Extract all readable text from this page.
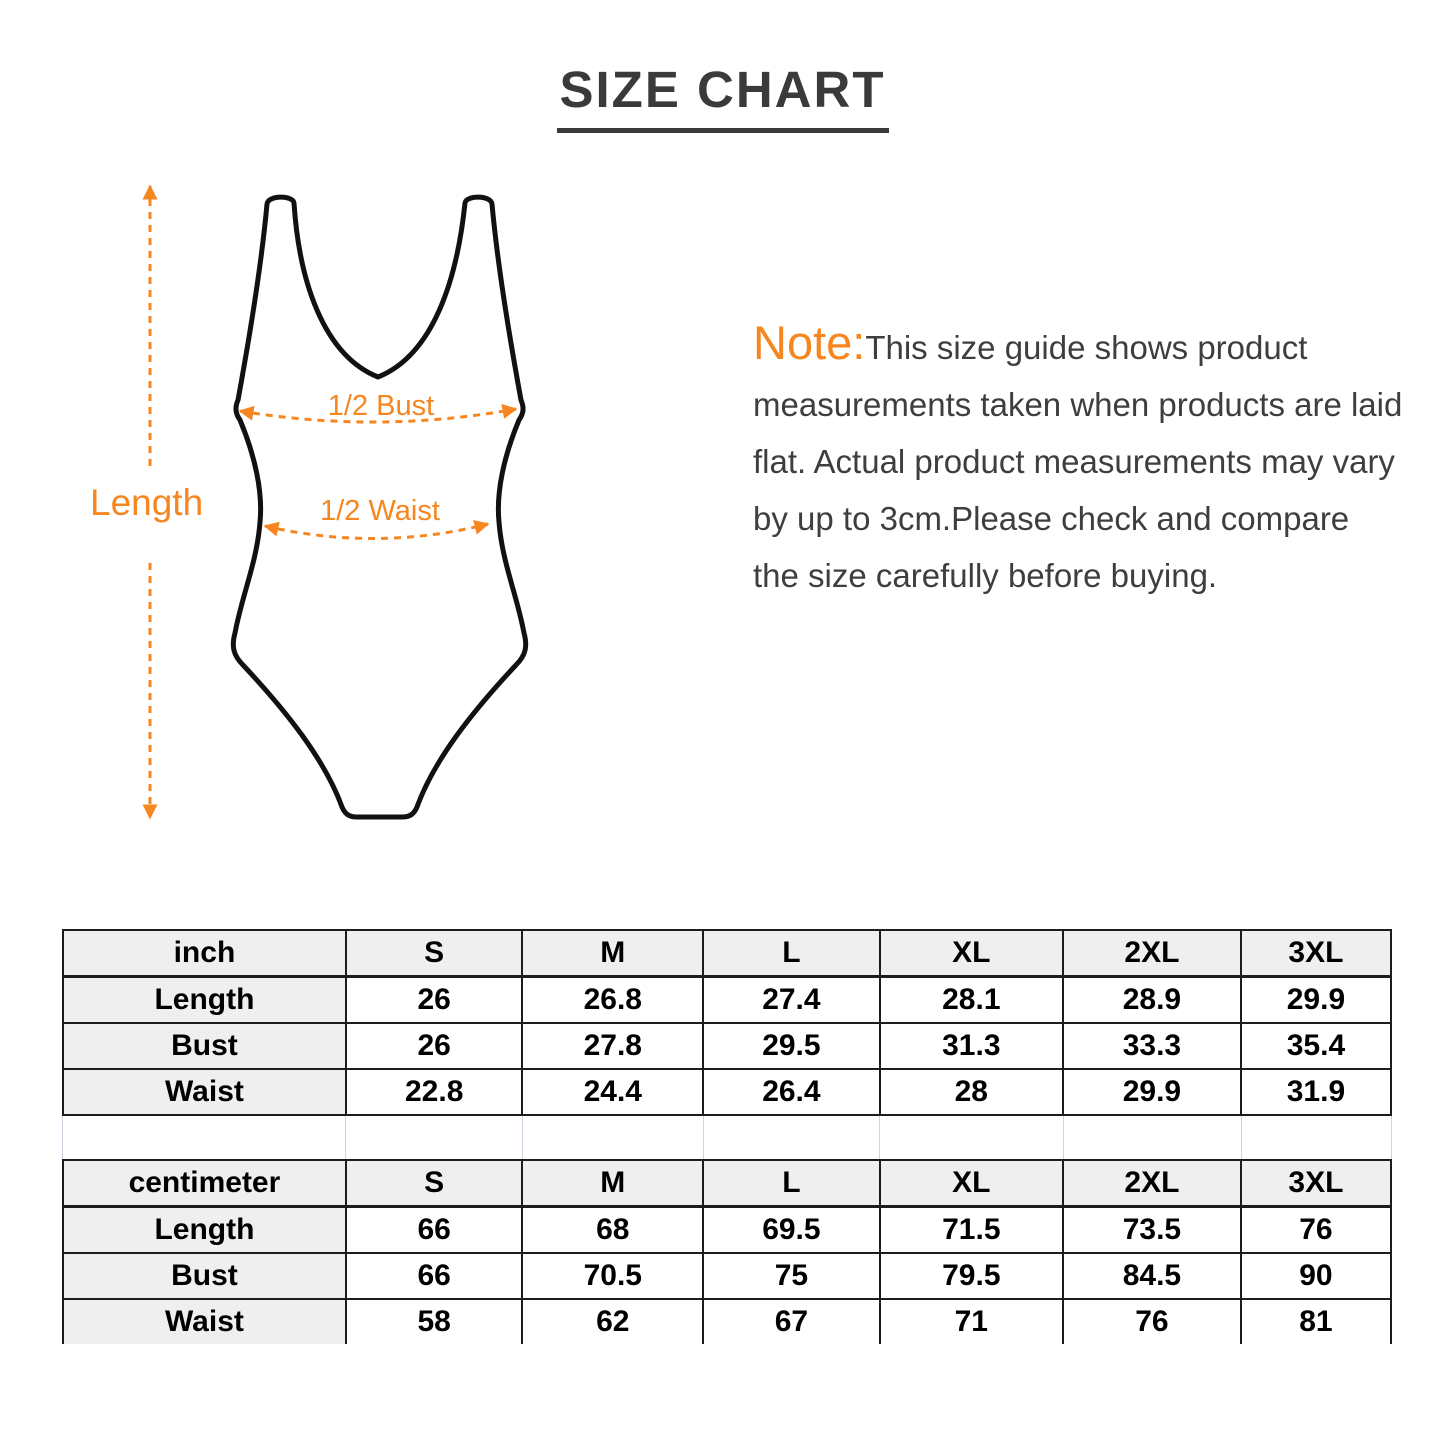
SIZE CHART
Length
1/2 Bust
1/2 Waist

Note:This size guide shows product measurements taken when products are laid flat. Actual product measurements may vary by up to 3cm.Please check and compare the size carefully before buying.

inch	S	M	L	XL	2XL	3XL
Length	26	26.8	27.4	28.1	28.9	29.9
Bust	26	27.8	29.5	31.3	33.3	35.4
Waist	22.8	24.4	26.4	28	29.9	31.9

centimeter	S	M	L	XL	2XL	3XL
Length	66	68	69.5	71.5	73.5	76
Bust	66	70.5	75	79.5	84.5	90
Waist	58	62	67	71	76	81
